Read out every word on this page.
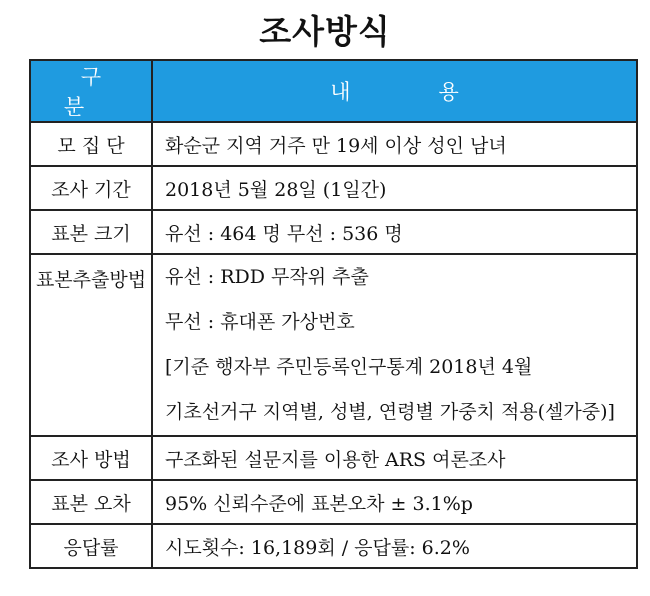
조사방식
구분	내용
모 집 단	화순군 지역 거주 만 19세 이상 성인 남녀
조사 기간	2018년 5월 28일 (1일간)
표본 크기	유선 : 464 명 무선 : 536 명
표본추출방법	유선 : RDD 무작위 추출
무선 : 휴대폰 가상번호
[기준 행자부 주민등록인구통계 2018년 4월
기초선거구 지역별, 성별, 연령별 가중치 적용(셀가중)]

조사 방법	구조화된 설문지를 이용한 ARS 여론조사
표본 오차	95% 신뢰수준에 표본오차 ± 3.1%p
응답률	시도횟수: 16,189회 / 응답률: 6.2%
